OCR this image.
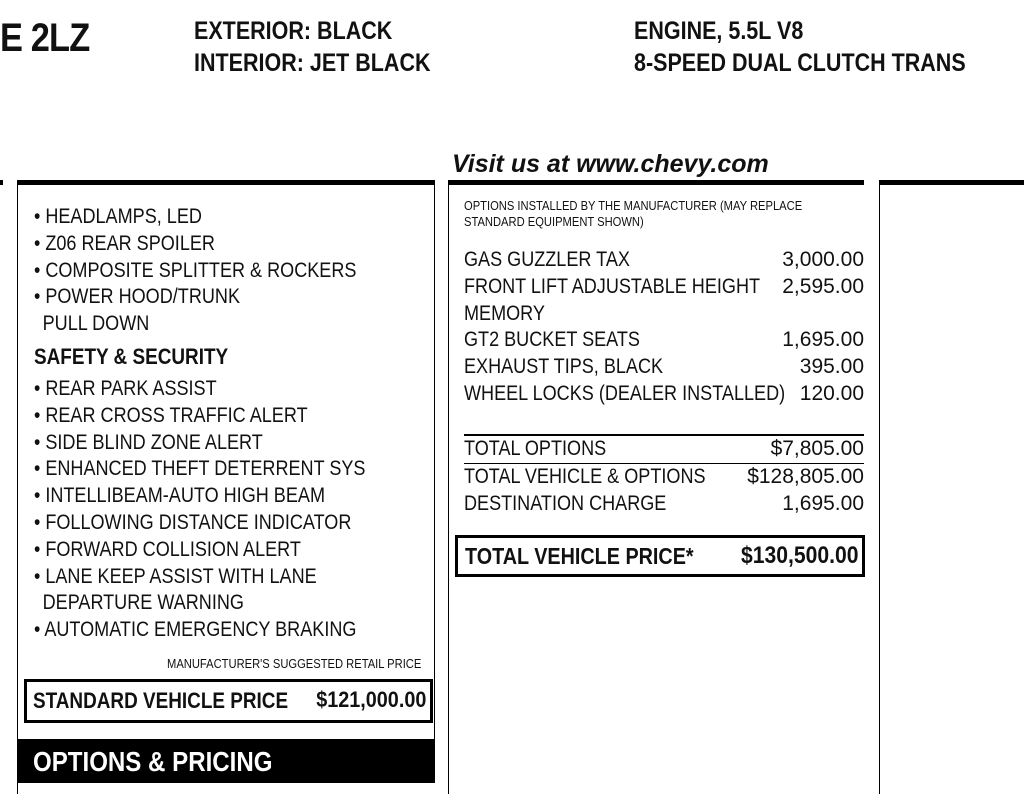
E 2LZ	EXTERIOR: BLACK
INTERIOR: JET BLACK
ENGINE, 5.5L V8
8-SPEED DUAL CLUTCH TRANS
Visit us at www.chevy.com
• HEADLAMPS, LED
• Z06 REAR SPOILER
• COMPOSITE SPLITTER & ROCKERS
• POWER HOOD/TRUNK
PULL DOWN
SAFETY & SECURITY
• REAR PARK ASSIST
• REAR CROSS TRAFFIC ALERT
• SIDE BLIND ZONE ALERT
• ENHANCED THEFT DETERRENT SYS
• INTELLIBEAM-AUTO HIGH BEAM
• FOLLOWING DISTANCE INDICATOR
• FORWARD COLLISION ALERT
• LANE KEEP ASSIST WITH LANE
DEPARTURE WARNING
• AUTOMATIC EMERGENCY BRAKING
MANUFACTURER'S SUGGESTED RETAIL PRICE
STANDARD VEHICLE PRICE $121,000.00
OPTIONS & PRICING
OPTIONS INSTALLED BY THE MANUFACTURER (MAY REPLACE STANDARD EQUIPMENT SHOWN)
GAS GUZZLER TAX	3,000.00
FRONT LIFT ADJUSTABLE HEIGHT 2,595.00
MEMORY
GT2 BUCKET SEATS	1,695.00
EXHAUST TIPS, BLACK	395.00
WHEEL LOCKS (DEALER INSTALLED) 120.00
TOTAL OPTIONS	$7,805.00
TOTAL VEHICLE & OPTIONS $128,805.00
DESTINATION CHARGE	1,695.00
TOTAL VEHICLE PRICE* $130,500.00
